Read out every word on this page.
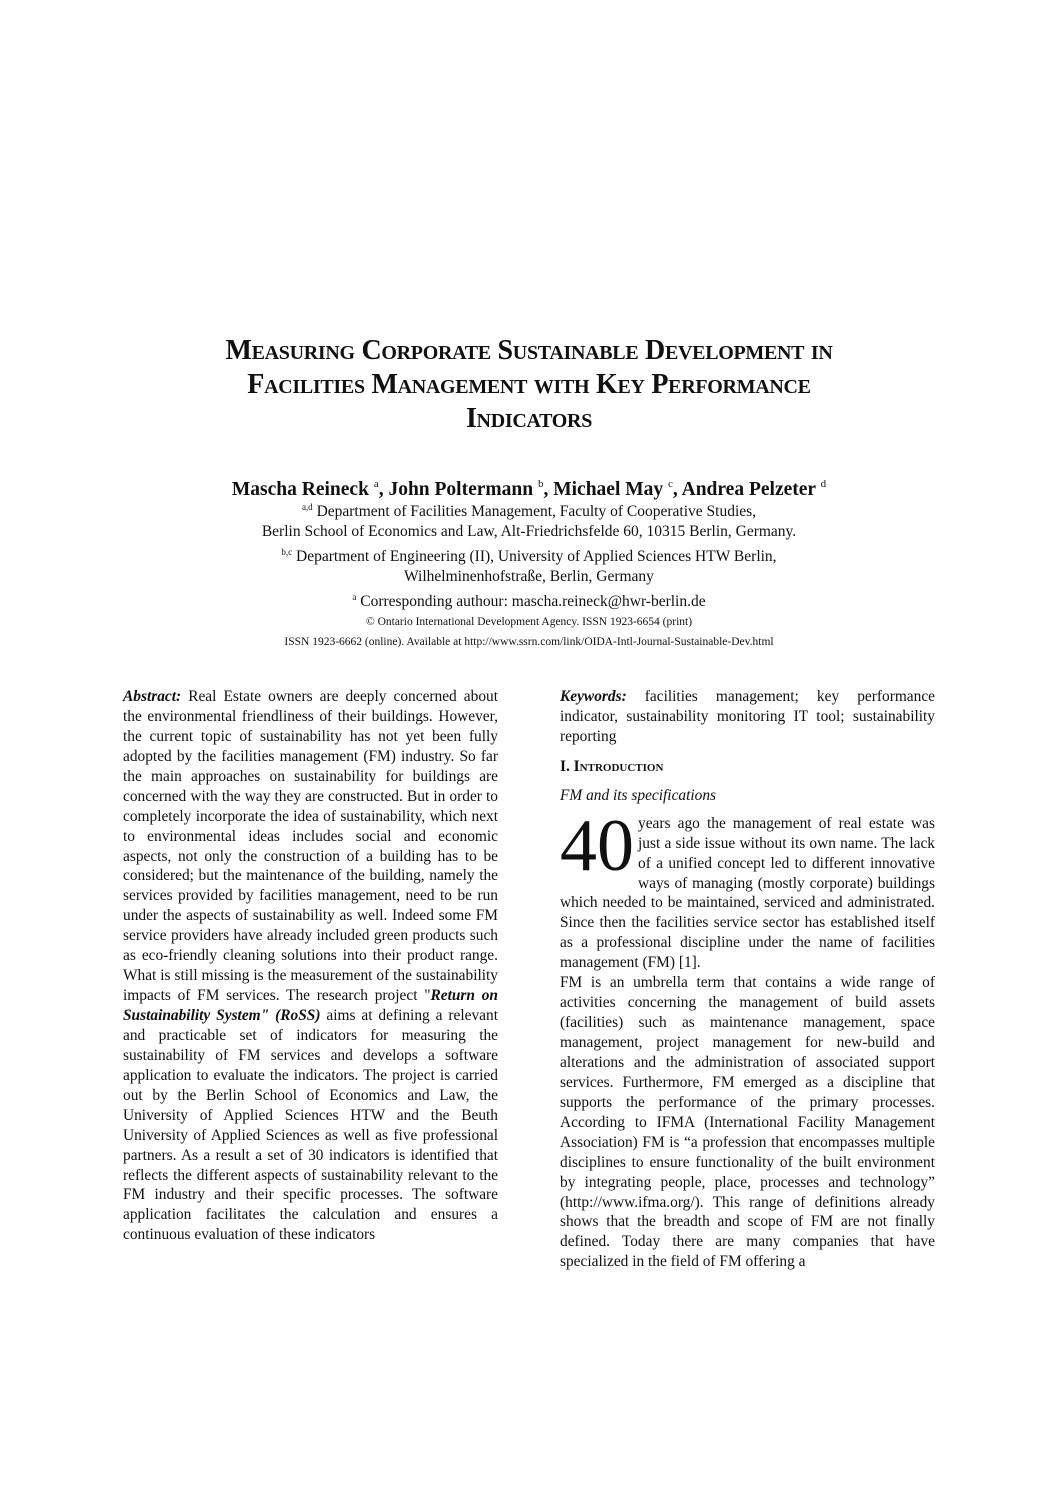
Measuring Corporate Sustainable Development in
Facilities Management with Key Performance
Indicators
Mascha Reineck $^a$, John Poltermann $^b$, Michael May $^c$, Andrea Pelzeter $^d$
$^{a,d}$ Department of Facilities Management, Faculty of Cooperative Studies,
Berlin School of Economics and Law, Alt-Friedrichsfelde 60, 10315 Berlin, Germany.
$^{b,c}$ Department of Engineering (II), University of Applied Sciences HTW Berlin,
Wilhelminenhofstraße, Berlin, Germany
$^a$ Corresponding authour: mascha.reineck@hwr-berlin.de
© Ontario International Development Agency. ISSN 1923-6654 (print)
ISSN 1923-6662 (online). Available at http://www.ssrn.com/link/OIDA-Intl-Journal-Sustainable-Dev.html

Abstract: Real Estate owners are deeply concerned about the environmental friendliness of their buildings. However, the current topic of sustainability has not yet been fully adopted by the facilities management (FM) industry. So far the main approaches on sustainability for buildings are concerned with the way they are constructed. But in order to completely incorporate the idea of sustainability, which next to environmental ideas includes social and economic aspects, not only the construction of a building has to be considered; but the maintenance of the building, namely the services provided by facilities management, need to be run under the aspects of sustainability as well. Indeed some FM service providers have already included green products such as eco-friendly cleaning solutions into their product range. What is still missing is the measurement of the sustainability impacts of FM services. The research project "Return on Sustainability System" (RoSS) aims at defining a relevant and practicable set of indicators for measuring the sustainability of FM services and develops a software application to evaluate the indicators. The project is carried out by the Berlin School of Economics and Law, the University of Applied Sciences HTW and the Beuth University of Applied Sciences as well as five professional partners. As a result a set of 30 indicators is identified that reflects the different aspects of sustainability relevant to the FM industry and their specific processes. The software application facilitates the calculation and ensures a continuous evaluation of these indicators

Keywords: facilities management; key performance indicator, sustainability monitoring IT tool; sustainability reporting

I. Introduction

FM and its specifications

40 years ago the management of real estate was just a side issue without its own name. The lack of a unified concept led to different innovative ways of managing (mostly corporate) buildings which needed to be maintained, serviced and administrated. Since then the facilities service sector has established itself as a professional discipline under the name of facilities management (FM) [1].

FM is an umbrella term that contains a wide range of activities concerning the management of build assets (facilities) such as maintenance management, space management, project management for new-build and alterations and the administration of associated support services. Furthermore, FM emerged as a discipline that supports the performance of the primary processes. According to IFMA (International Facility Management Association) FM is “a profession that encompasses multiple disciplines to ensure functionality of the built environment by integrating people, place, processes and technology” (http://www.ifma.org/). This range of definitions already shows that the breadth and scope of FM are not finally defined. Today there are many companies that have specialized in the field of FM offering a
